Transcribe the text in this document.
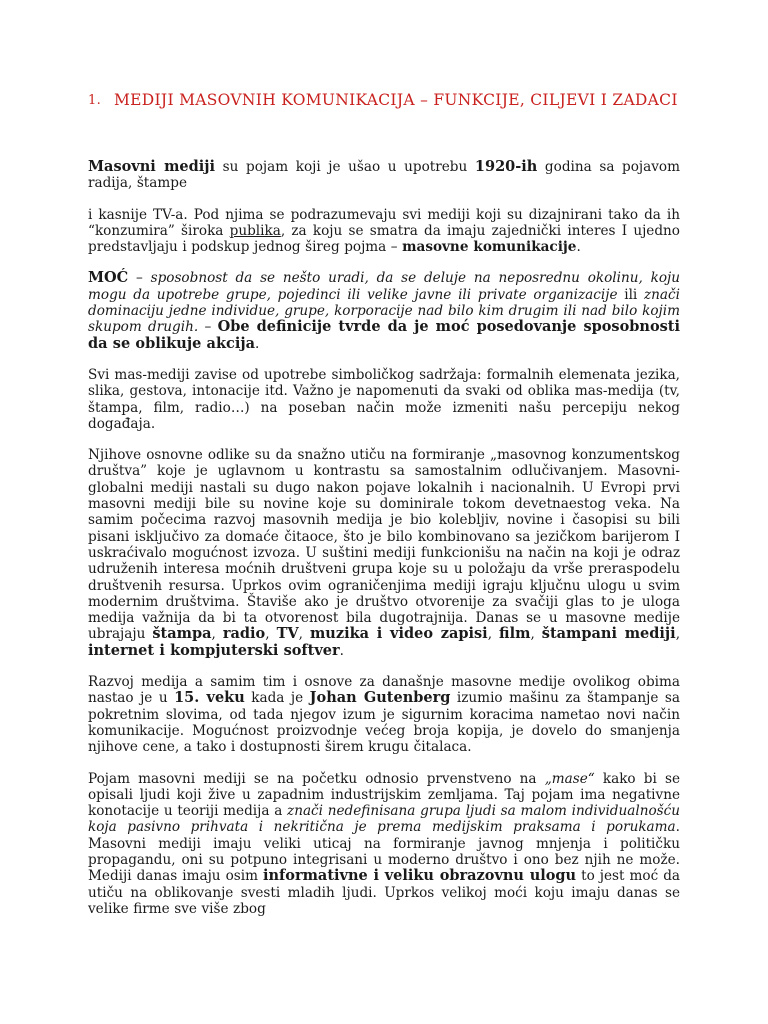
1. MEDIJI MASOVNIH KOMUNIKACIJA – FUNKCIJE, CILJEVI I ZADACI

Masovni mediji su pojam koji je ušao u upotrebu 1920-ih godina sa pojavom radija, štampe

i kasnije TV-a. Pod njima se podrazumevaju svi mediji koji su dizajnirani tako da ih “konzumira” široka publika, za koju se smatra da imaju zajednički interes I ujedno predstavljaju i podskup jednog šireg pojma – masovne komunikacije.

MOĆ – sposobnost da se nešto uradi, da se deluje na neposrednu okolinu, koju mogu da upotrebe grupe, pojedinci ili velike javne ili private organizacije ili znači dominaciju jedne individue, grupe, korporacije nad bilo kim drugim ili nad bilo kojim skupom drugih. – Obe definicije tvrde da je moć posedovanje sposobnosti da se oblikuje akcija.

Svi mas-mediji zavise od upotrebe simboličkog sadržaja: formalnih elemenata jezika, slika, gestova, intonacije itd. Važno je napomenuti da svaki od oblika mas-medija (tv, štampa, film, radio…) na poseban način može izmeniti našu percepiju nekog događaja.

Njihove osnovne odlike su da snažno utiču na formiranje „masovnog konzumentskog društva” koje je uglavnom u kontrastu sa samostalnim odlučivanjem. Masovni-globalni mediji nastali su dugo nakon pojave lokalnih i nacionalnih. U Evropi prvi masovni mediji bile su novine koje su dominirale tokom devetnaestog veka. Na samim počecima razvoj masovnih medija je bio kolebljiv, novine i časopisi su bili pisani isključivo za domaće čitaoce, što je bilo kombinovano sa jezičkom barijerom I uskraćivalo mogućnost izvoza. U suštini mediji funkcionišu na način na koji je odraz udruženih interesa moćnih društveni grupa koje su u položaju da vrše preraspodelu društvenih resursa. Uprkos ovim ograničenjima mediji igraju ključnu ulogu u svim modernim društvima. Štaviše ako je društvo otvorenije za svačiji glas to je uloga medija važnija da bi ta otvorenost bila dugotrajnija. Danas se u masovne medije ubrajaju štampa, radio, TV, muzika i video zapisi, film, štampani mediji, internet i kompjuterski softver.

Razvoj medija a samim tim i osnove za današnje masovne medije ovolikog obima nastao je u 15. veku kada je Johan Gutenberg izumio mašinu za štampanje sa pokretnim slovima, od tada njegov izum je sigurnim koracima nametao novi način komunikacije. Mogućnost proizvodnje većeg broja kopija, je dovelo do smanjenja njihove cene, a tako i dostupnosti širem krugu čitalaca.

Pojam masovni mediji se na početku odnosio prvenstveno na „mase“ kako bi se opisali ljudi koji žive u zapadnim industrijskim zemljama. Taj pojam ima negativne konotacije u teoriji medija a znači nedefinisana grupa ljudi sa malom individualnošću koja pasivno prihvata i nekritična je prema medijskim praksama i porukama. Masovni mediji imaju veliki uticaj na formiranje javnog mnjenja i političku propagandu, oni su potpuno integrisani u moderno društvo i ono bez njih ne može. Mediji danas imaju osim informativne i veliku obrazovnu ulogu to jest moć da utiču na oblikovanje svesti mladih ljudi. Uprkos velikoj moći koju imaju danas se velike firme sve više zbog
